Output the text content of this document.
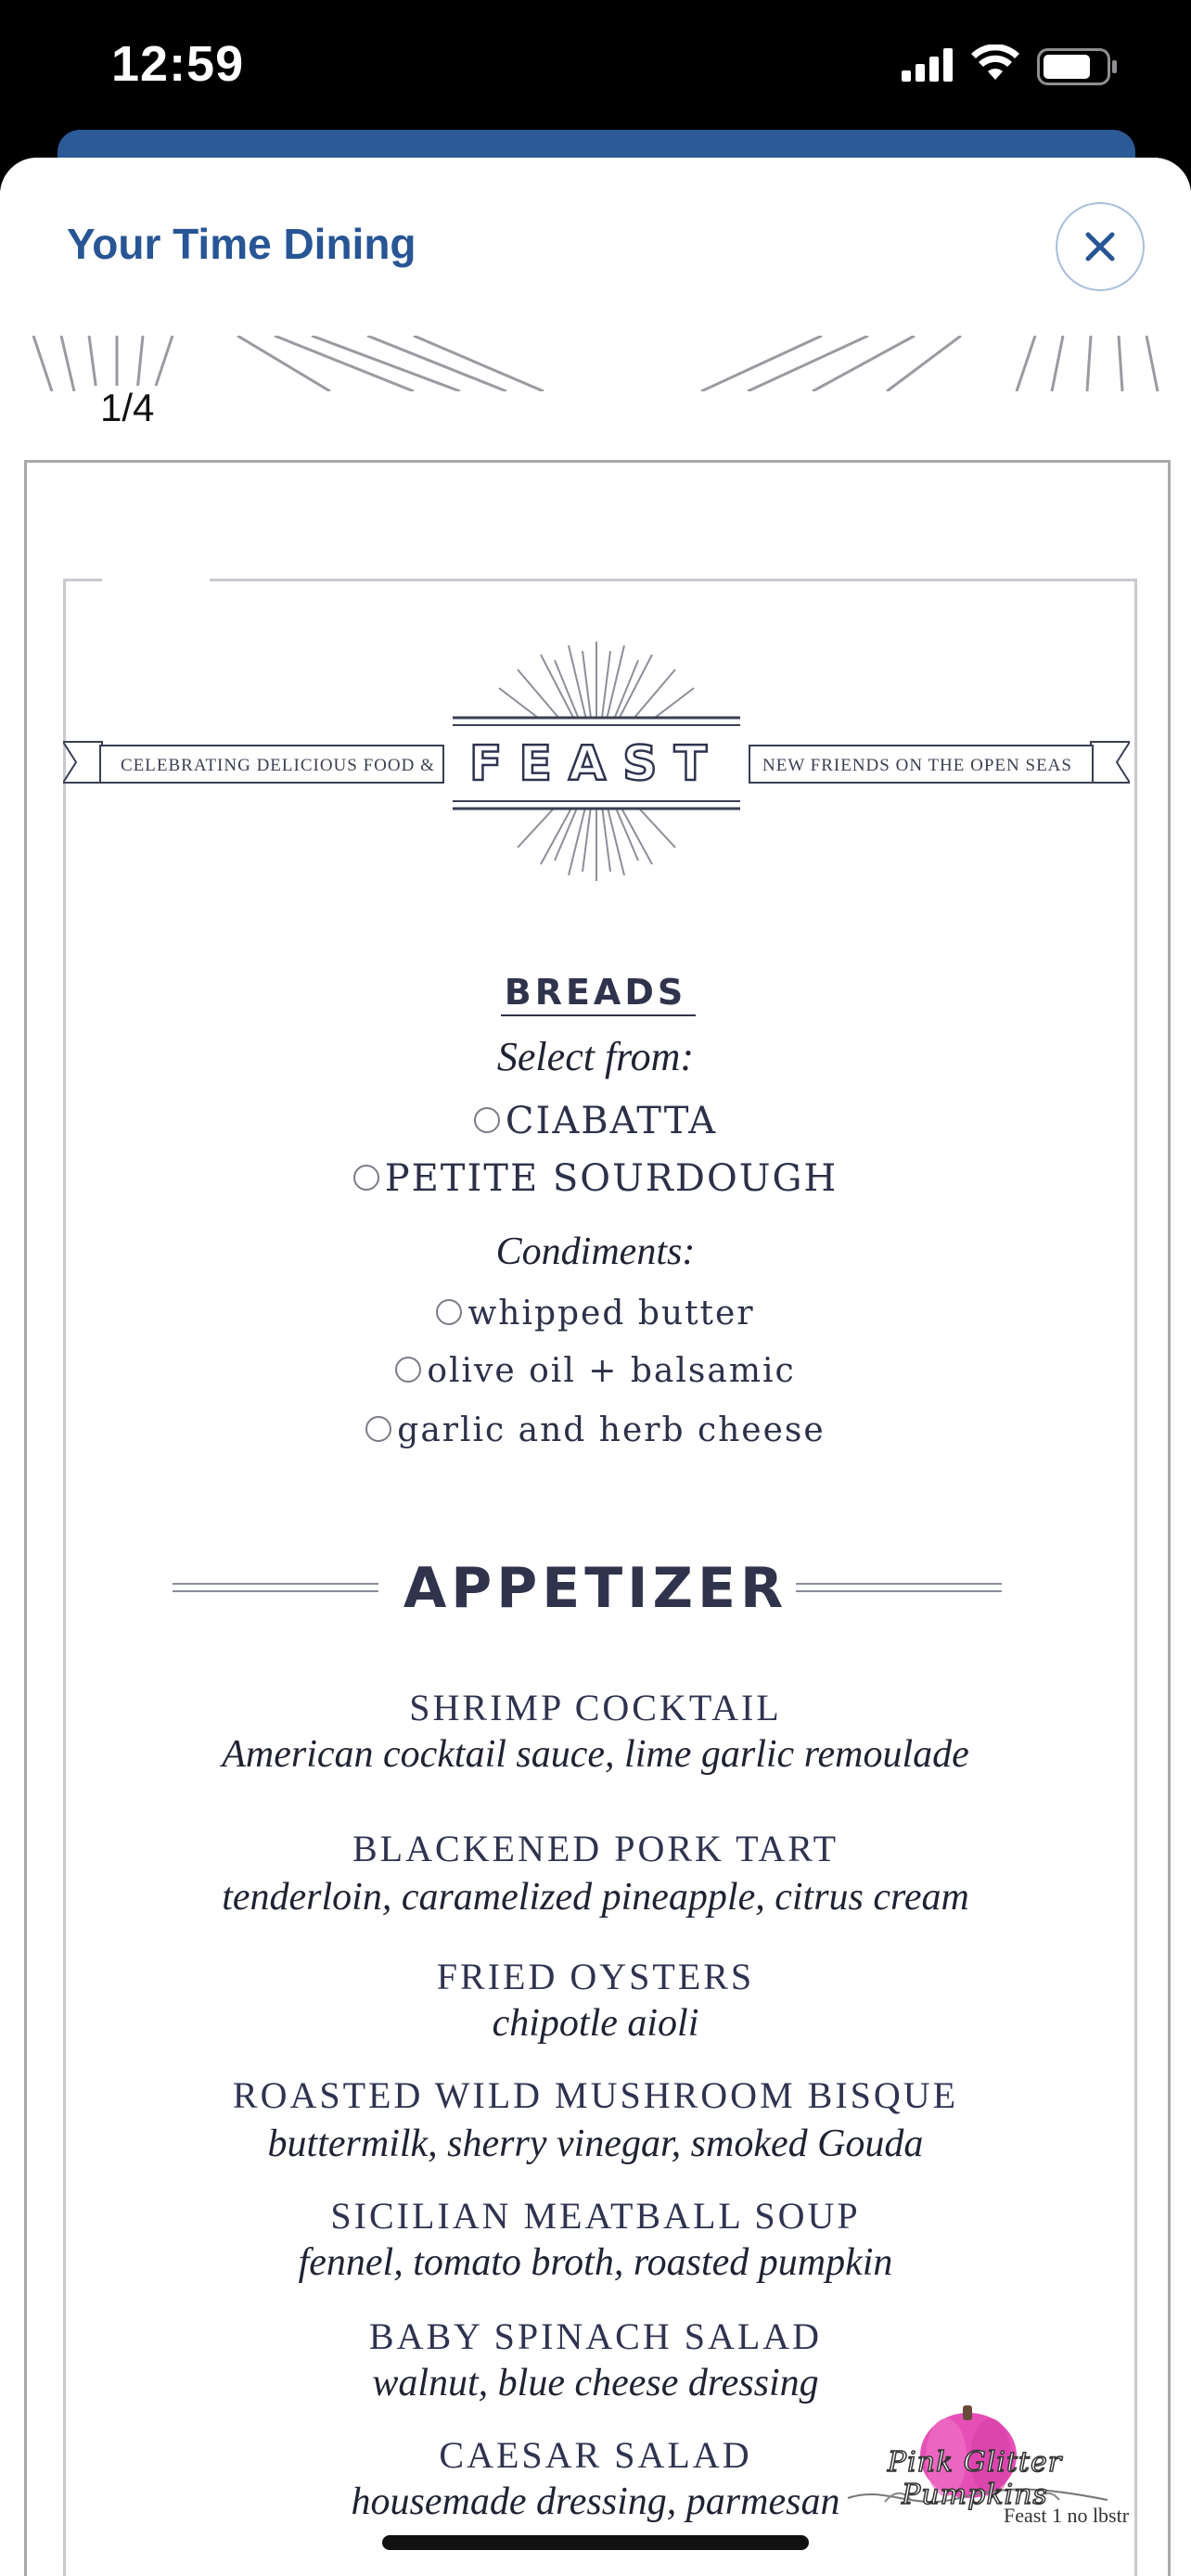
12:59
Your Time Dining
1/4
CELEBRATING DELICIOUS FOOD &	NEW FRIENDS ON THE OPEN SEAS
FEAST
BREADS
Select from:
CIABATTA
PETITE SOURDOUGH
Condiments:
whipped butter
olive oil + balsamic
garlic and herb cheese
APPETIZER
SHRIMP COCKTAIL
American cocktail sauce, lime garlic remoulade
BLACKENED PORK TART
tenderloin, caramelized pineapple, citrus cream
FRIED OYSTERS
chipotle aioli
ROASTED WILD MUSHROOM BISQUE
buttermilk, sherry vinegar, smoked Gouda
SICILIAN MEATBALL SOUP
fennel, tomato broth, roasted pumpkin
BABY SPINACH SALAD
walnut, blue cheese dressing
CAESAR SALAD
housemade dressing, parmesan
Pink Glitter Pumpkins
Feast 1 no lbstr
